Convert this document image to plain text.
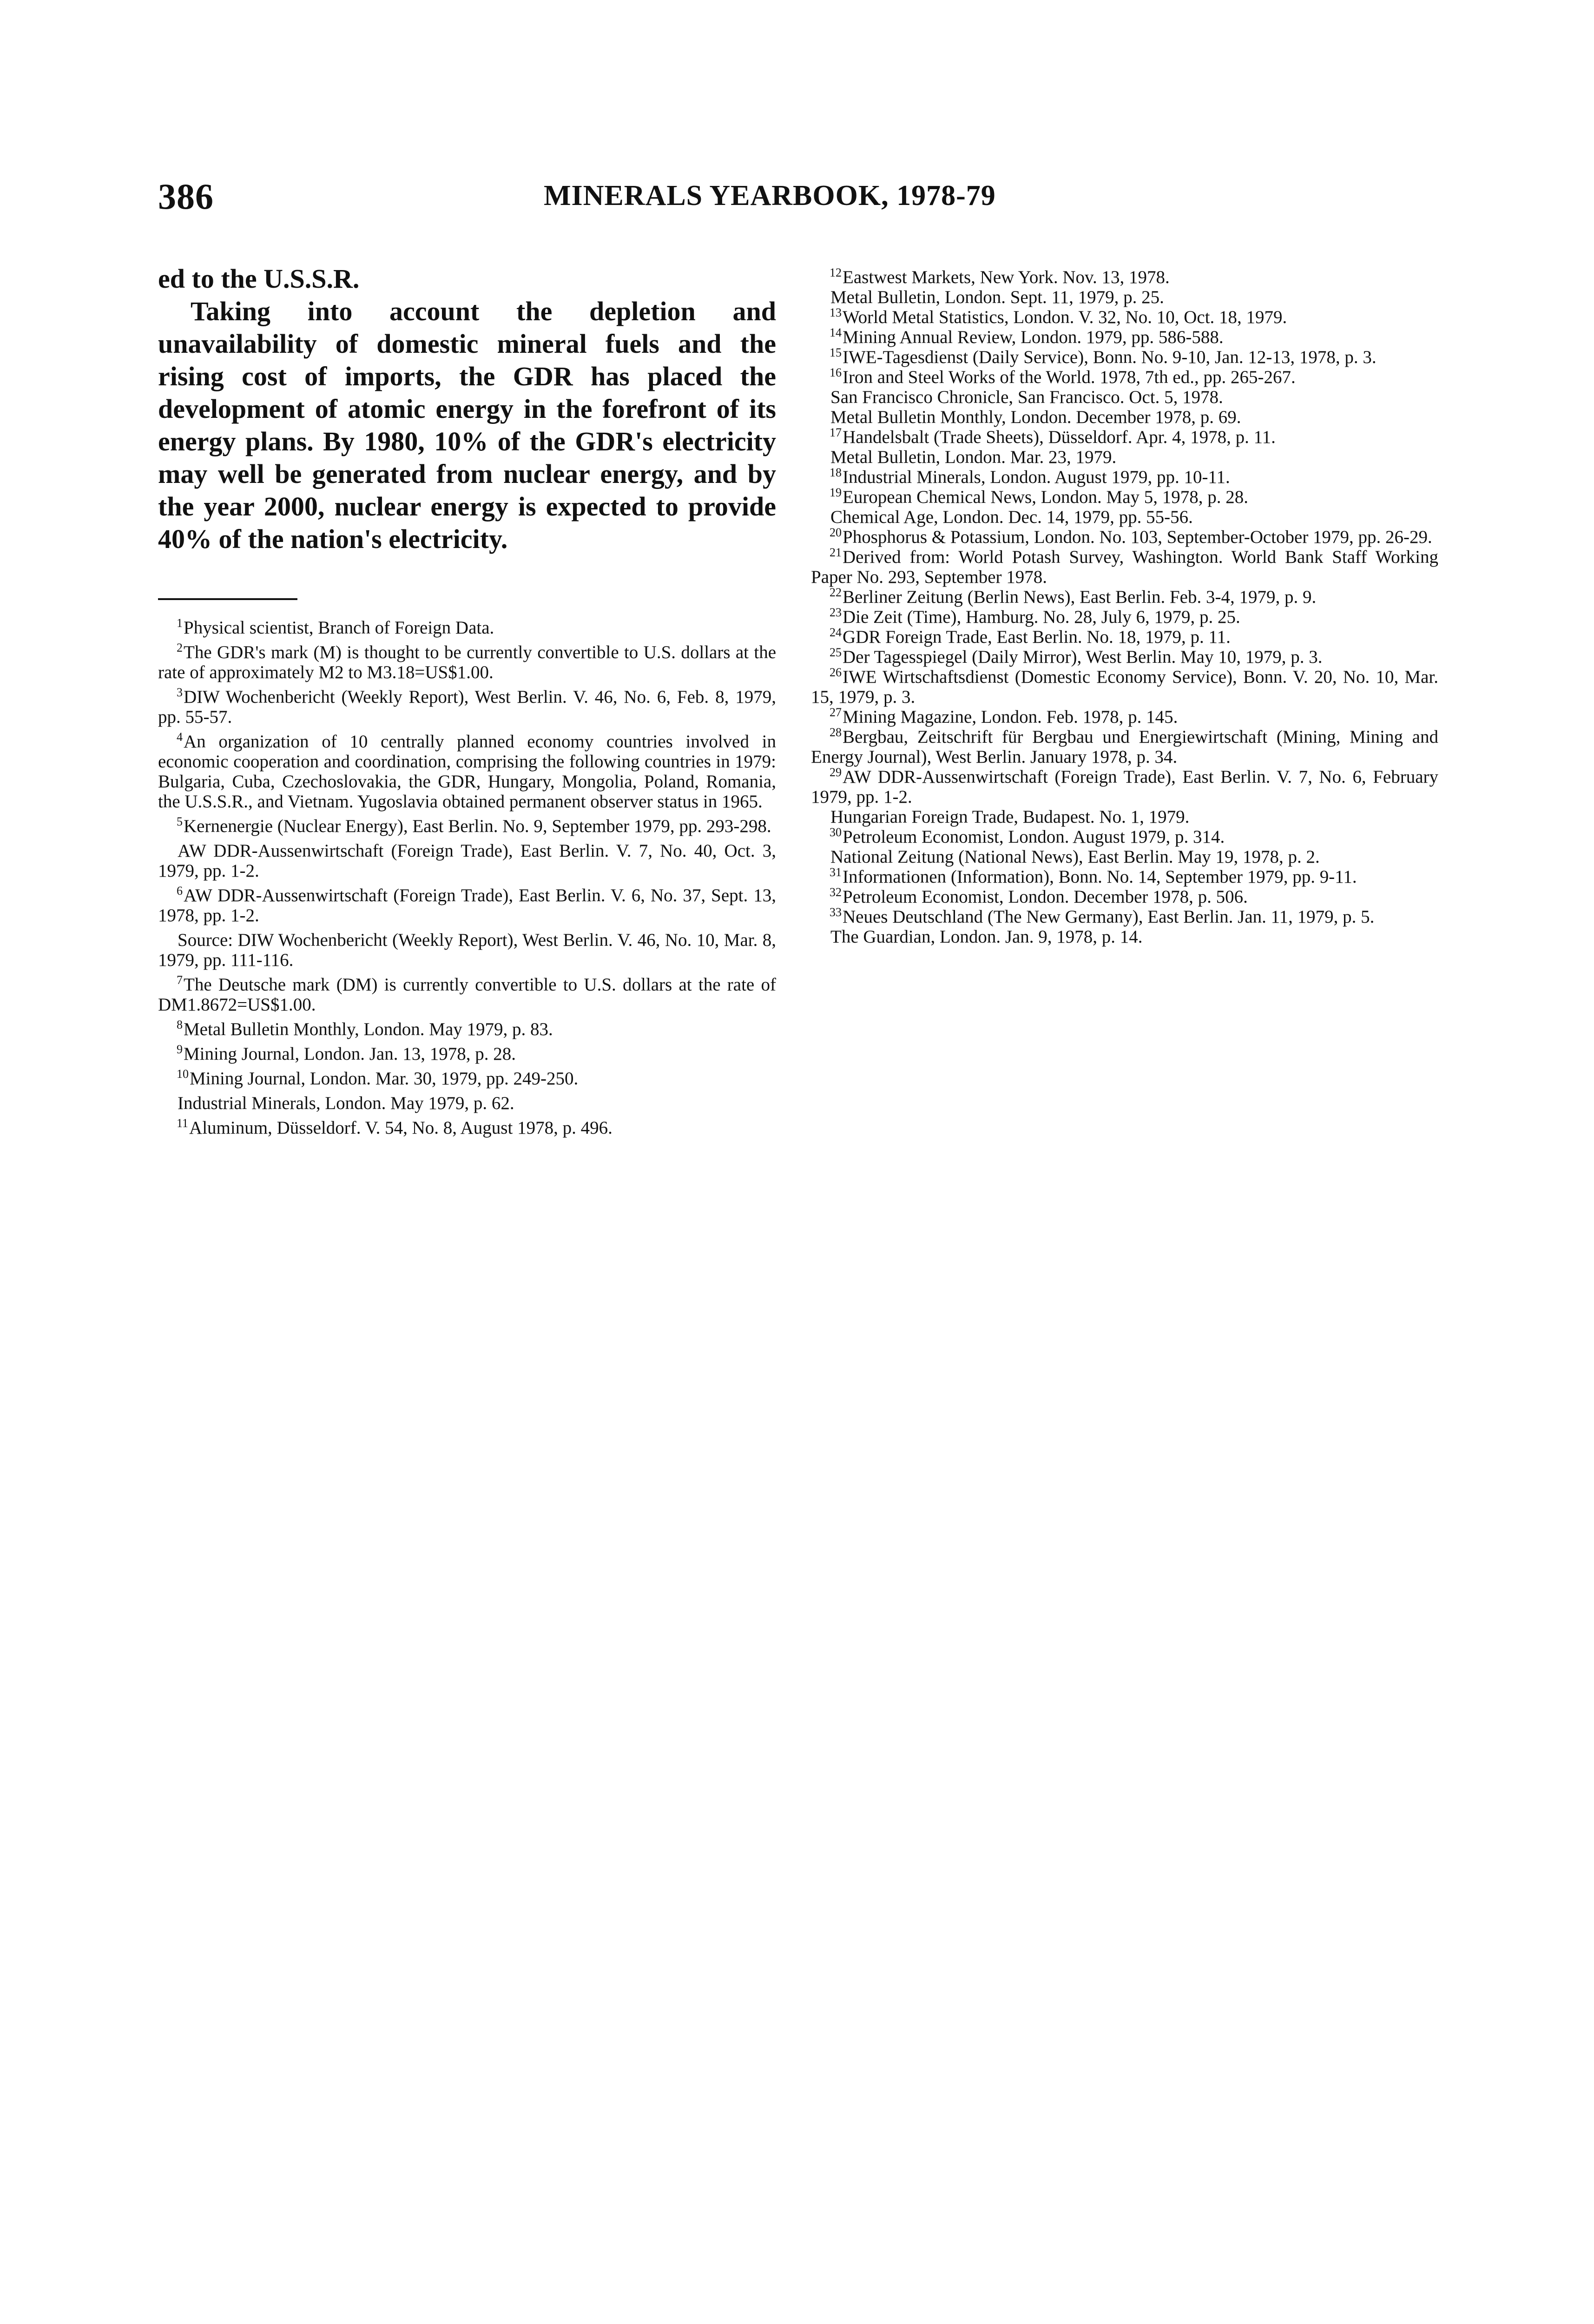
386	MINERALS YEARBOOK, 1978-79

ed to the U.S.S.R.

Taking into account the depletion and unavailability of domestic mineral fuels and the rising cost of imports, the GDR has placed the development of atomic energy in the forefront of its energy plans. By 1980, 10% of the GDR's electricity may well be generated from nuclear energy, and by the year 2000, nuclear energy is expected to provide 40% of the nation's electricity.

$^1$Physical scientist, Branch of Foreign Data.

$^2$The GDR's mark (M) is thought to be currently convertible to U.S. dollars at the rate of approximately M2 to M3.18=US$1.00.

$^3$DIW Wochenbericht (Weekly Report), West Berlin. V. 46, No. 6, Feb. 8, 1979, pp. 55-57.

$^4$An organization of 10 centrally planned economy countries involved in economic cooperation and coordination, comprising the following countries in 1979: Bulgaria, Cuba, Czechoslovakia, the GDR, Hungary, Mongolia, Poland, Romania, the U.S.S.R., and Vietnam. Yugoslavia obtained permanent observer status in 1965.

$^5$Kernenergie (Nuclear Energy), East Berlin. No. 9, September 1979, pp. 293-298.

AW DDR-Aussenwirtschaft (Foreign Trade), East Berlin. V. 7, No. 40, Oct. 3, 1979, pp. 1-2.

$^6$AW DDR-Aussenwirtschaft (Foreign Trade), East Berlin. V. 6, No. 37, Sept. 13, 1978, pp. 1-2.

Source: DIW Wochenbericht (Weekly Report), West Berlin. V. 46, No. 10, Mar. 8, 1979, pp. 111-116.

$^7$The Deutsche mark (DM) is currently convertible to U.S. dollars at the rate of DM1.8672=US$1.00.

$^8$Metal Bulletin Monthly, London. May 1979, p. 83.

$^9$Mining Journal, London. Jan. 13, 1978, p. 28.

$^{10}$Mining Journal, London. Mar. 30, 1979, pp. 249-250.

Industrial Minerals, London. May 1979, p. 62.

$^{11}$Aluminum, Düsseldorf. V. 54, No. 8, August 1978, p. 496.

$^{12}$Eastwest Markets, New York. Nov. 13, 1978.

Metal Bulletin, London. Sept. 11, 1979, p. 25.

$^{13}$World Metal Statistics, London. V. 32, No. 10, Oct. 18, 1979.

$^{14}$Mining Annual Review, London. 1979, pp. 586-588.

$^{15}$IWE-Tagesdienst (Daily Service), Bonn. No. 9-10, Jan. 12-13, 1978, p. 3.

$^{16}$Iron and Steel Works of the World. 1978, 7th ed., pp. 265-267.

San Francisco Chronicle, San Francisco. Oct. 5, 1978.

Metal Bulletin Monthly, London. December 1978, p. 69.

$^{17}$Handelsbalt (Trade Sheets), Düsseldorf. Apr. 4, 1978, p. 11.

Metal Bulletin, London. Mar. 23, 1979.

$^{18}$Industrial Minerals, London. August 1979, pp. 10-11.

$^{19}$European Chemical News, London. May 5, 1978, p. 28.

Chemical Age, London. Dec. 14, 1979, pp. 55-56.

$^{20}$Phosphorus & Potassium, London. No. 103, September-October 1979, pp. 26-29.

$^{21}$Derived from: World Potash Survey, Washington. World Bank Staff Working Paper No. 293, September 1978.

$^{22}$Berliner Zeitung (Berlin News), East Berlin. Feb. 3-4, 1979, p. 9.

$^{23}$Die Zeit (Time), Hamburg. No. 28, July 6, 1979, p. 25.

$^{24}$GDR Foreign Trade, East Berlin. No. 18, 1979, p. 11.

$^{25}$Der Tagesspiegel (Daily Mirror), West Berlin. May 10, 1979, p. 3.

$^{26}$IWE Wirtschaftsdienst (Domestic Economy Service), Bonn. V. 20, No. 10, Mar. 15, 1979, p. 3.

$^{27}$Mining Magazine, London. Feb. 1978, p. 145.

$^{28}$Bergbau, Zeitschrift für Bergbau und Energiewirtschaft (Mining, Mining and Energy Journal), West Berlin. January 1978, p. 34.

$^{29}$AW DDR-Aussenwirtschaft (Foreign Trade), East Berlin. V. 7, No. 6, February 1979, pp. 1-2.

Hungarian Foreign Trade, Budapest. No. 1, 1979.

$^{30}$Petroleum Economist, London. August 1979, p. 314.

National Zeitung (National News), East Berlin. May 19, 1978, p. 2.

$^{31}$Informationen (Information), Bonn. No. 14, September 1979, pp. 9-11.

$^{32}$Petroleum Economist, London. December 1978, p. 506.

$^{33}$Neues Deutschland (The New Germany), East Berlin. Jan. 11, 1979, p. 5.

The Guardian, London. Jan. 9, 1978, p. 14.
